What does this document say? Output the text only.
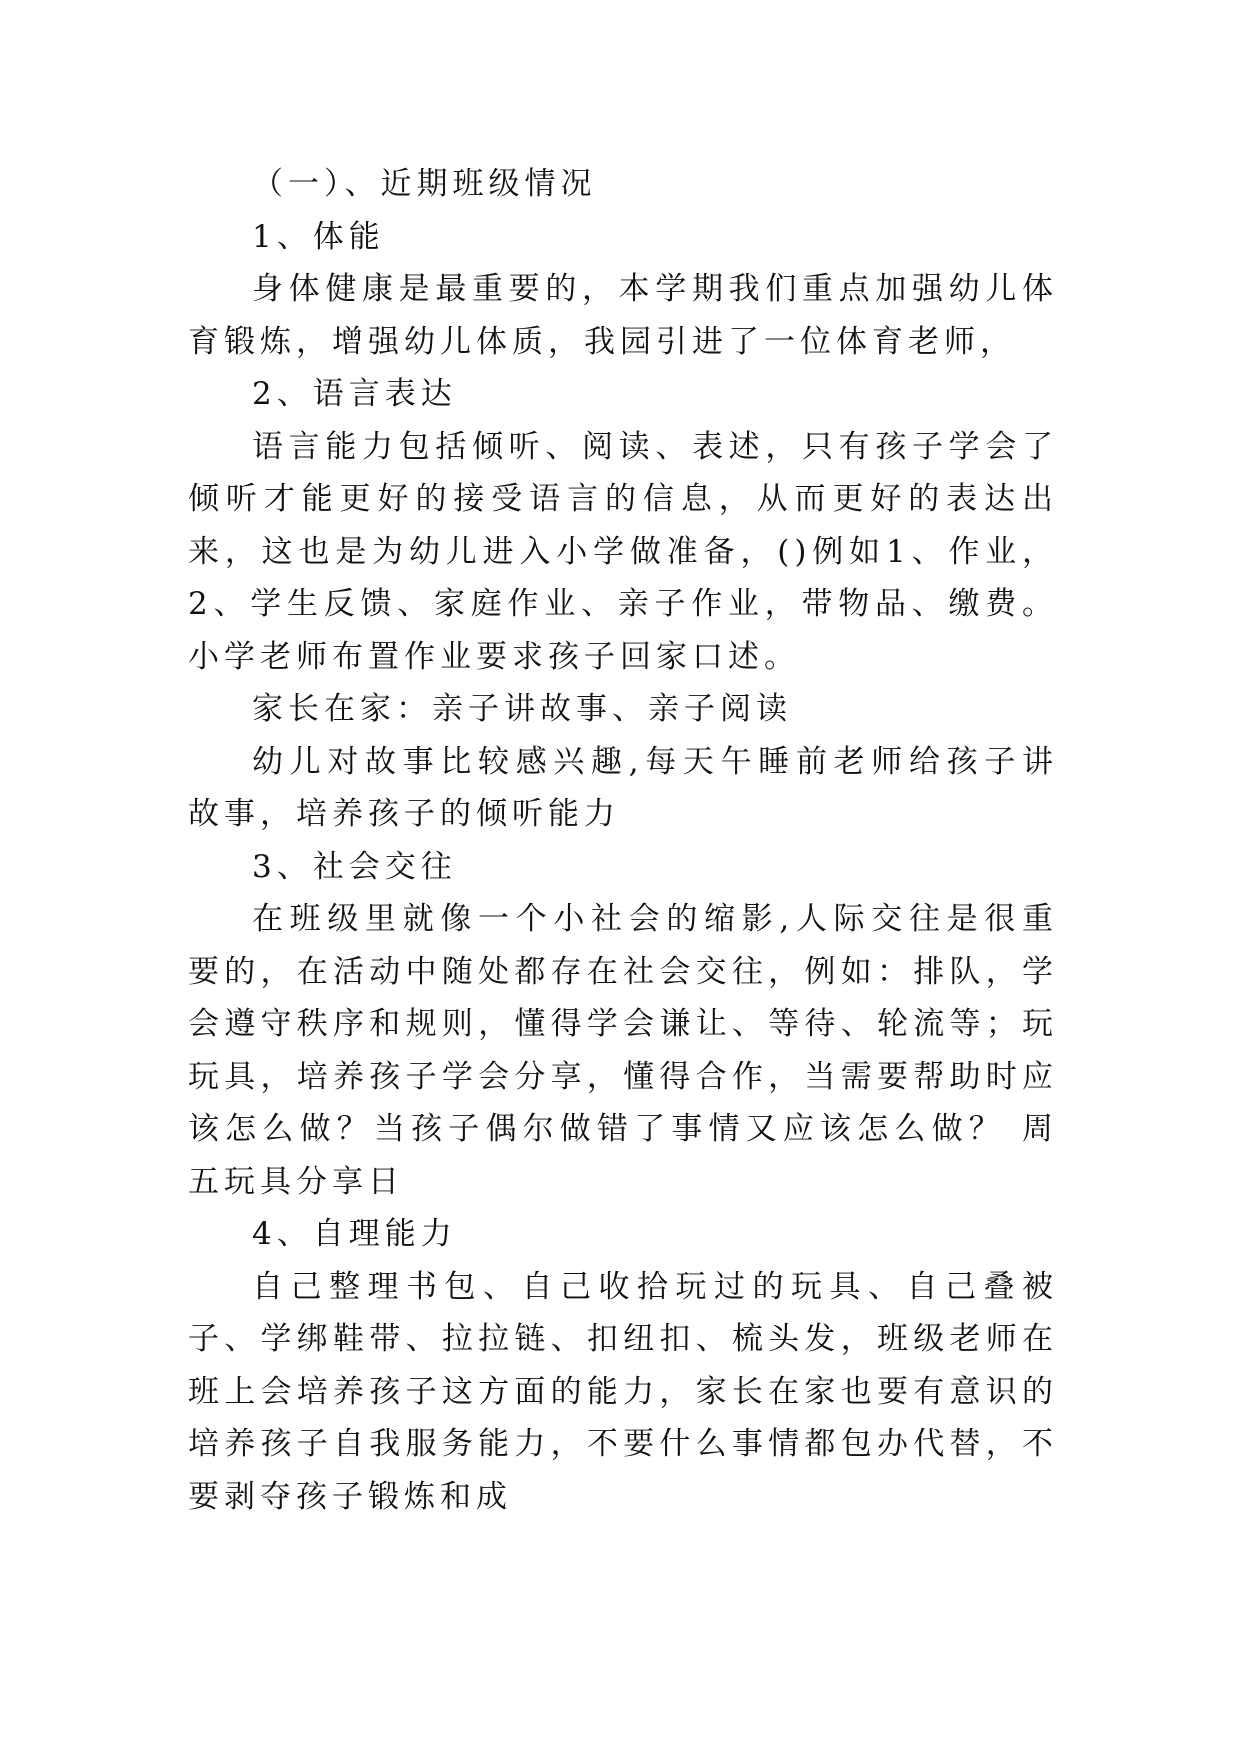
（一）、近期班级情况

1、体能

身体健康是最重要的，本学期我们重点加强幼儿体育锻炼，增强幼儿体质，我园引进了一位体育老师，

2、语言表达

语言能力包括倾听、阅读、表述，只有孩子学会了倾听才能更好的接受语言的信息，从而更好的表达出来，这也是为幼儿进入小学做准备，()例如1、作业，2、学生反馈、家庭作业、亲子作业，带物品、缴费。小学老师布置作业要求孩子回家口述。

家长在家：亲子讲故事、亲子阅读

幼儿对故事比较感兴趣,每天午睡前老师给孩子讲故事，培养孩子的倾听能力

3、社会交往

在班级里就像一个小社会的缩影,人际交往是很重要的，在活动中随处都存在社会交往，例如：排队，学会遵守秩序和规则，懂得学会谦让、等待、轮流等；玩玩具，培养孩子学会分享，懂得合作，当需要帮助时应该怎么做？当孩子偶尔做错了事情又应该怎么做？ 周五玩具分享日

4、自理能力

自己整理书包、自己收拾玩过的玩具、自己叠被子、学绑鞋带、拉拉链、扣纽扣、梳头发，班级老师在班上会培养孩子这方面的能力，家长在家也要有意识的培养孩子自我服务能力，不要什么事情都包办代替，不要剥夺孩子锻炼和成
